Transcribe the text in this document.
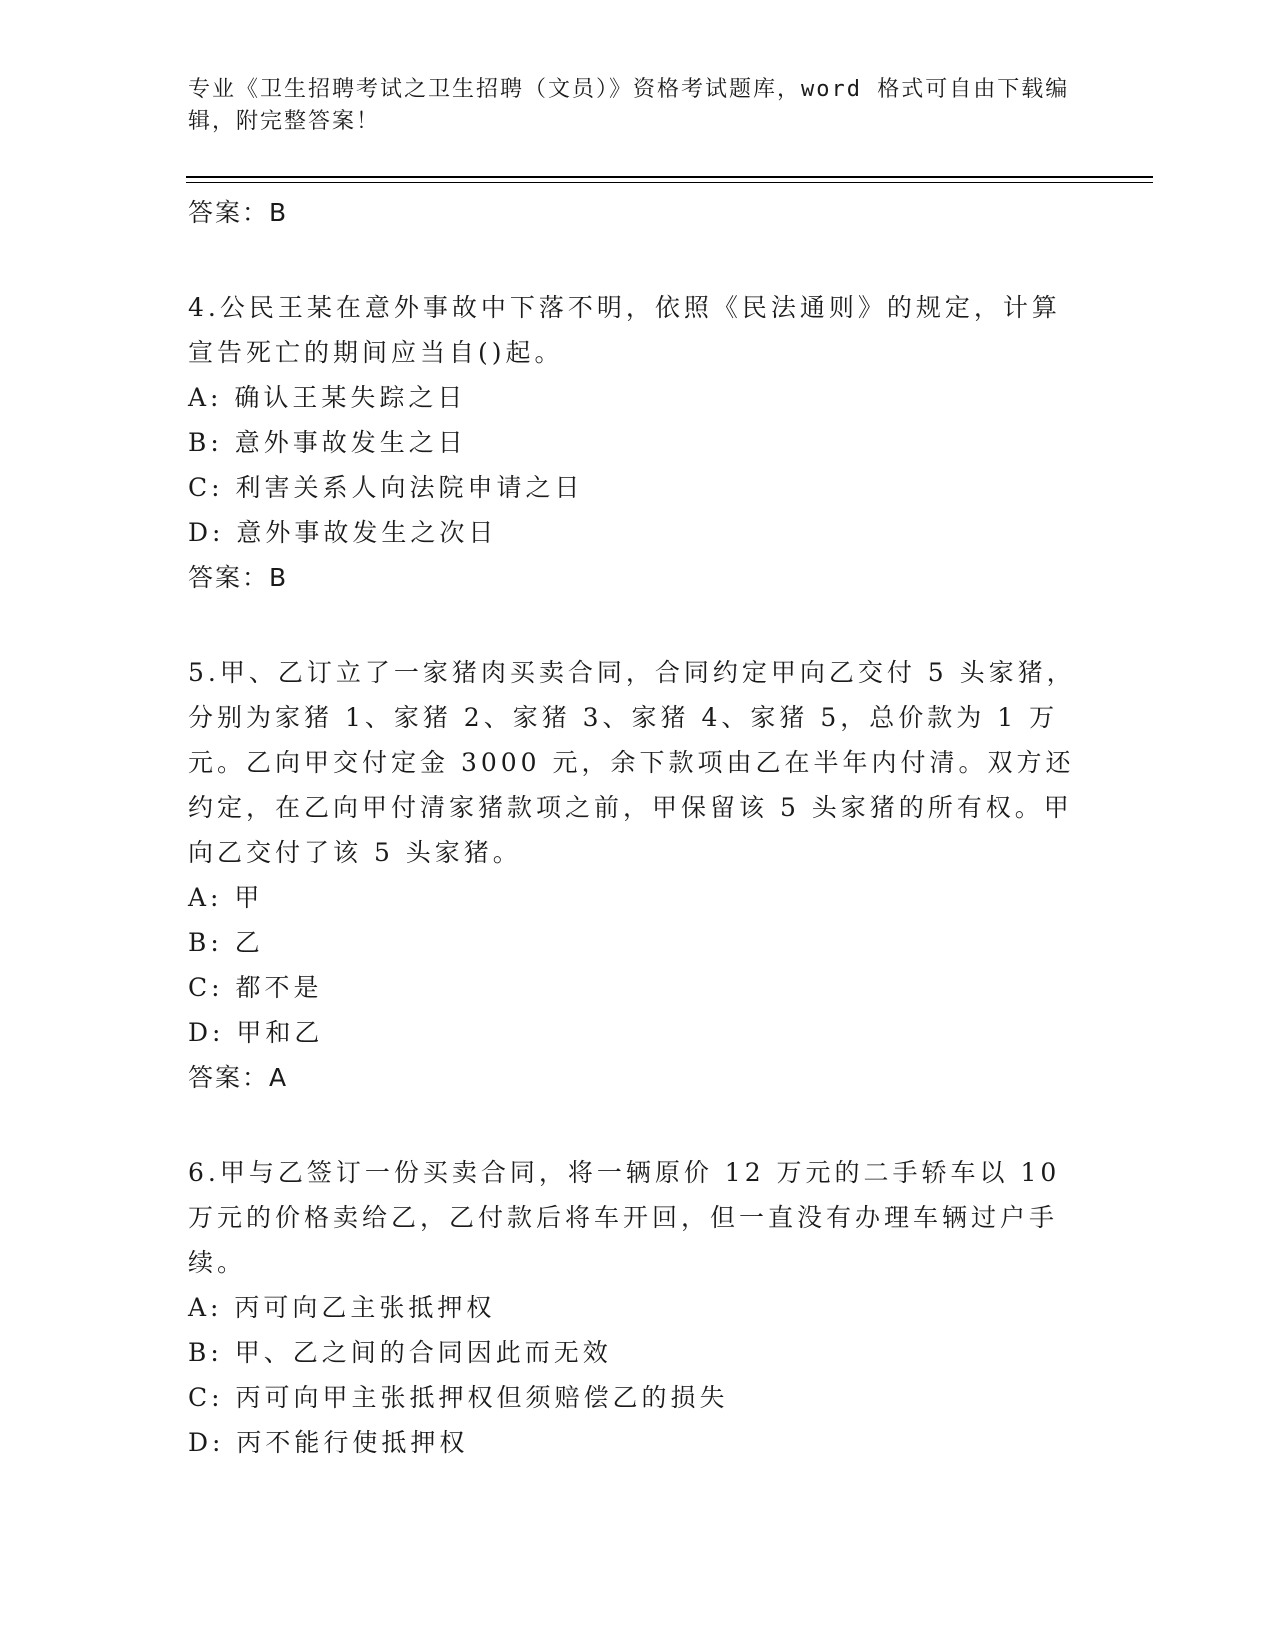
专业《卫生招聘考试之卫生招聘（文员）》资格考试题库，word 格式可自由下载编辑，附完整答案！

答案：B

4.公民王某在意外事故中下落不明，依照《民法通则》的规定，计算宣告死亡的期间应当自()起。

A: 确认王某失踪之日

B: 意外事故发生之日

C: 利害关系人向法院申请之日

D: 意外事故发生之次日

答案：B

5.甲、乙订立了一家猪肉买卖合同，合同约定甲向乙交付 5 头家猪，分别为家猪 1、家猪 2、家猪 3、家猪 4、家猪 5，总价款为 1 万元。乙向甲交付定金 3000 元，余下款项由乙在半年内付清。双方还约定，在乙向甲付清家猪款项之前，甲保留该 5 头家猪的所有权。甲向乙交付了该 5 头家猪。

A: 甲

B: 乙

C: 都不是

D: 甲和乙

答案：A

6.甲与乙签订一份买卖合同，将一辆原价 12 万元的二手轿车以 10 万元的价格卖给乙，乙付款后将车开回，但一直没有办理车辆过户手续。

A: 丙可向乙主张抵押权

B: 甲、乙之间的合同因此而无效

C: 丙可向甲主张抵押权但须赔偿乙的损失

D: 丙不能行使抵押权
